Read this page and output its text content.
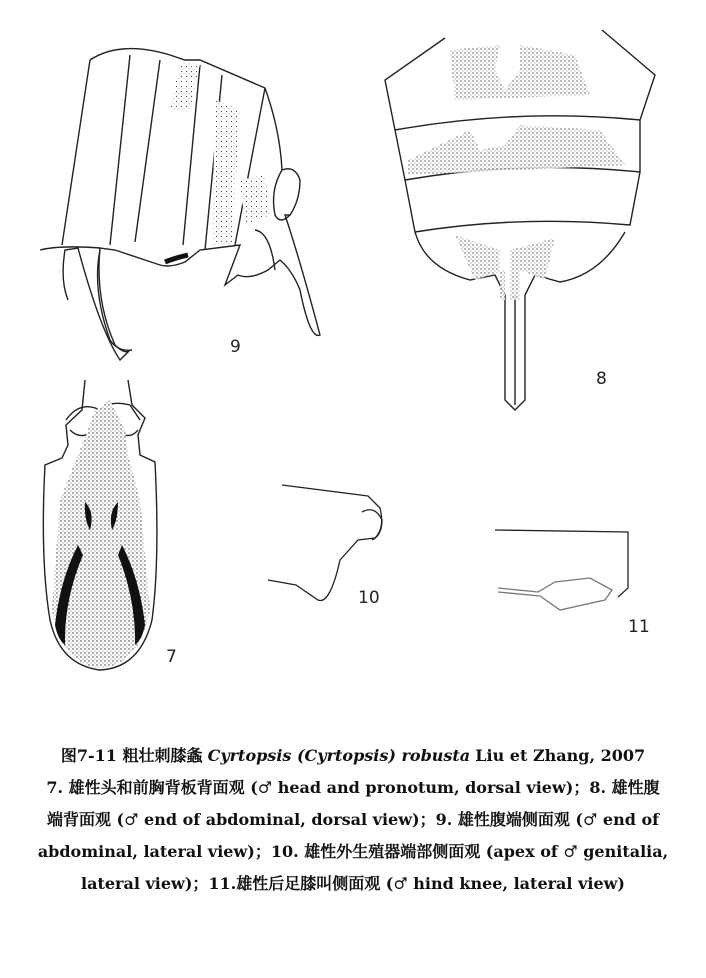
9
8
7
10
11
图7-11 粗壮刺膝螽 Cyrtopsis (Cyrtopsis) robusta Liu et Zhang, 2007
7. 雄性头和前胸背板背面观 (♂ head and pronotum, dorsal view)；8. 雄性腹
端背面观 (♂ end of abdominal, dorsal view)；9. 雄性腹端侧面观 (♂ end of
abdominal, lateral view)；10. 雄性外生殖器端部侧面观 (apex of ♂ genitalia,
lateral view)；11.雄性后足膝叫侧面观 (♂ hind knee, lateral view)
